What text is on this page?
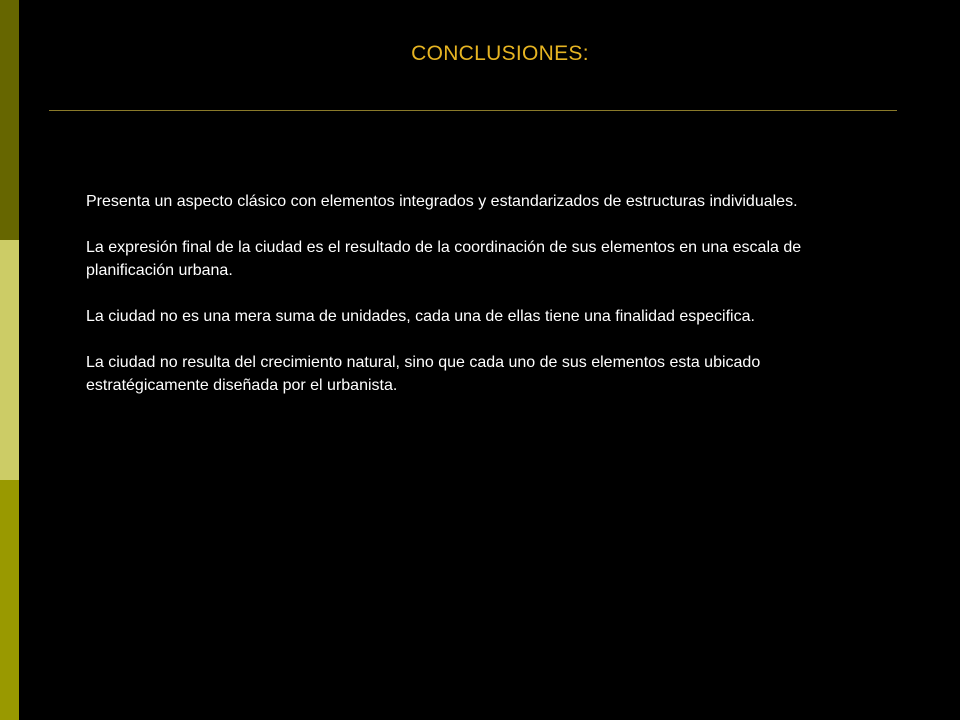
CONCLUSIONES:

Presenta un aspecto clásico con elementos integrados y estandarizados de estructuras individuales.

La expresión final de la ciudad es el resultado de la coordinación de sus elementos en una escala de planificación urbana.

La ciudad no es una mera suma de unidades, cada una de ellas tiene una finalidad especifica.

La ciudad no resulta del crecimiento natural, sino que cada uno de sus elementos esta ubicado estratégicamente diseñada por el urbanista.
